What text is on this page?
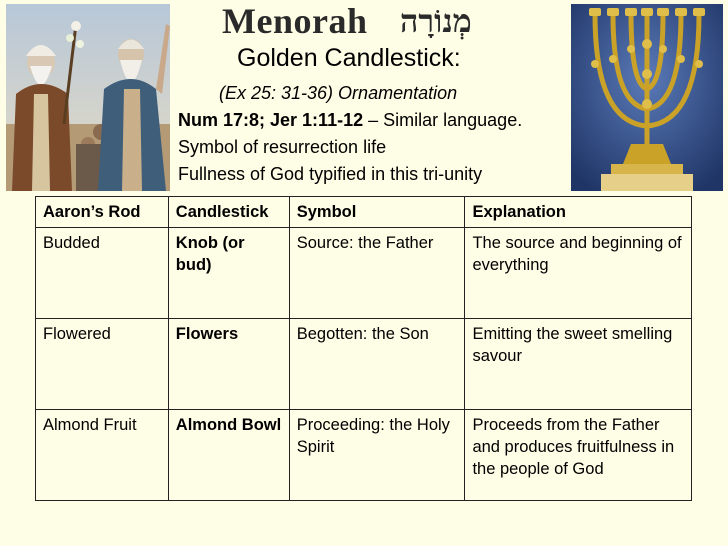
Menorah מְנוֹרָה
Golden Candlestick:
(Ex 25: 31-36) Ornamentation
Num 17:8; Jer 1:11-12 – Similar language.
Symbol of resurrection life
Fullness of God typified in this tri-unity
Aaron’s Rod	Candlestick	Symbol	Explanation
Budded	Knob (or bud)	Source: the Father	The source and beginning of everything
Flowered	Flowers	Begotten: the Son	Emitting the sweet smelling savour
Almond Fruit	Almond Bowl	Proceeding: the Holy Spirit	Proceeds from the Father and produces fruitfulness in the people of God
